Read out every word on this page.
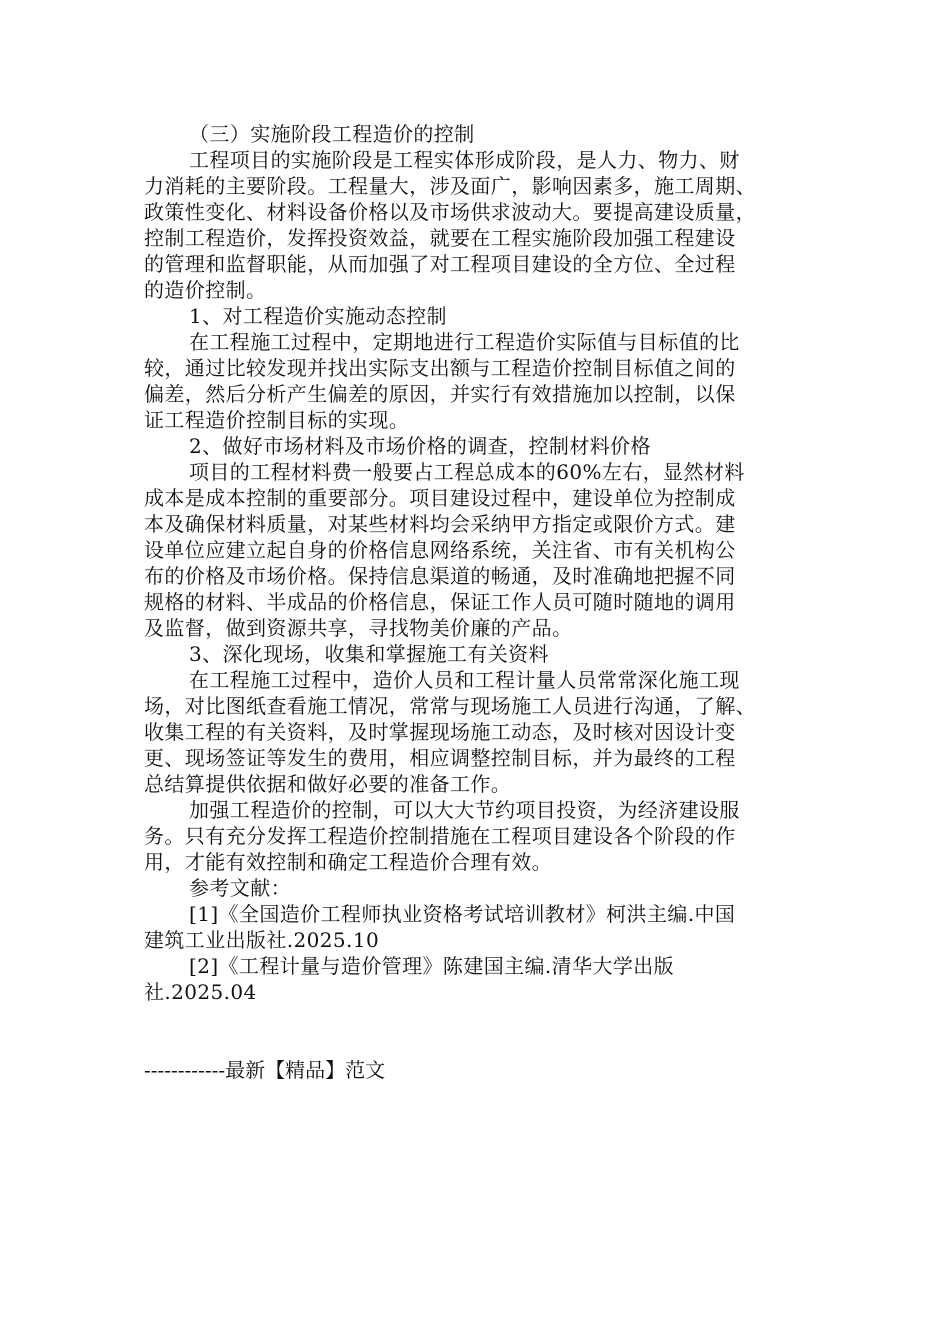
（三）实施阶段工程造价的控制
工程项目的实施阶段是工程实体形成阶段，是人力、物力、财
力消耗的主要阶段。工程量大，涉及面广，影响因素多，施工周期、
政策性变化、材料设备价格以及市场供求波动大。要提高建设质量，
控制工程造价，发挥投资效益，就要在工程实施阶段加强工程建设
的管理和监督职能，从而加强了对工程项目建设的全方位、全过程
的造价控制。
1、对工程造价实施动态控制
在工程施工过程中，定期地进行工程造价实际值与目标值的比
较，通过比较发现并找出实际支出额与工程造价控制目标值之间的
偏差，然后分析产生偏差的原因，并实行有效措施加以控制，以保
证工程造价控制目标的实现。
2、做好市场材料及市场价格的调查，控制材料价格
项目的工程材料费一般要占工程总成本的60%左右，显然材料
成本是成本控制的重要部分。项目建设过程中，建设单位为控制成
本及确保材料质量，对某些材料均会采纳甲方指定或限价方式。建
设单位应建立起自身的价格信息网络系统，关注省、市有关机构公
布的价格及市场价格。保持信息渠道的畅通，及时准确地把握不同
规格的材料、半成品的价格信息，保证工作人员可随时随地的调用
及监督，做到资源共享，寻找物美价廉的产品。
3、深化现场，收集和掌握施工有关资料
在工程施工过程中，造价人员和工程计量人员常常深化施工现
场，对比图纸查看施工情况，常常与现场施工人员进行沟通，了解、
收集工程的有关资料，及时掌握现场施工动态，及时核对因设计变
更、现场签证等发生的费用，相应调整控制目标，并为最终的工程
总结算提供依据和做好必要的准备工作。
加强工程造价的控制，可以大大节约项目投资，为经济建设服
务。只有充分发挥工程造价控制措施在工程项目建设各个阶段的作
用，才能有效控制和确定工程造价合理有效。
参考文献：
[1]《全国造价工程师执业资格考试培训教材》柯洪主编.中国
建筑工业出版社.2025.10
[2]《工程计量与造价管理》陈建国主编.清华大学出版
社.2025.04
------------最新【精品】范文
